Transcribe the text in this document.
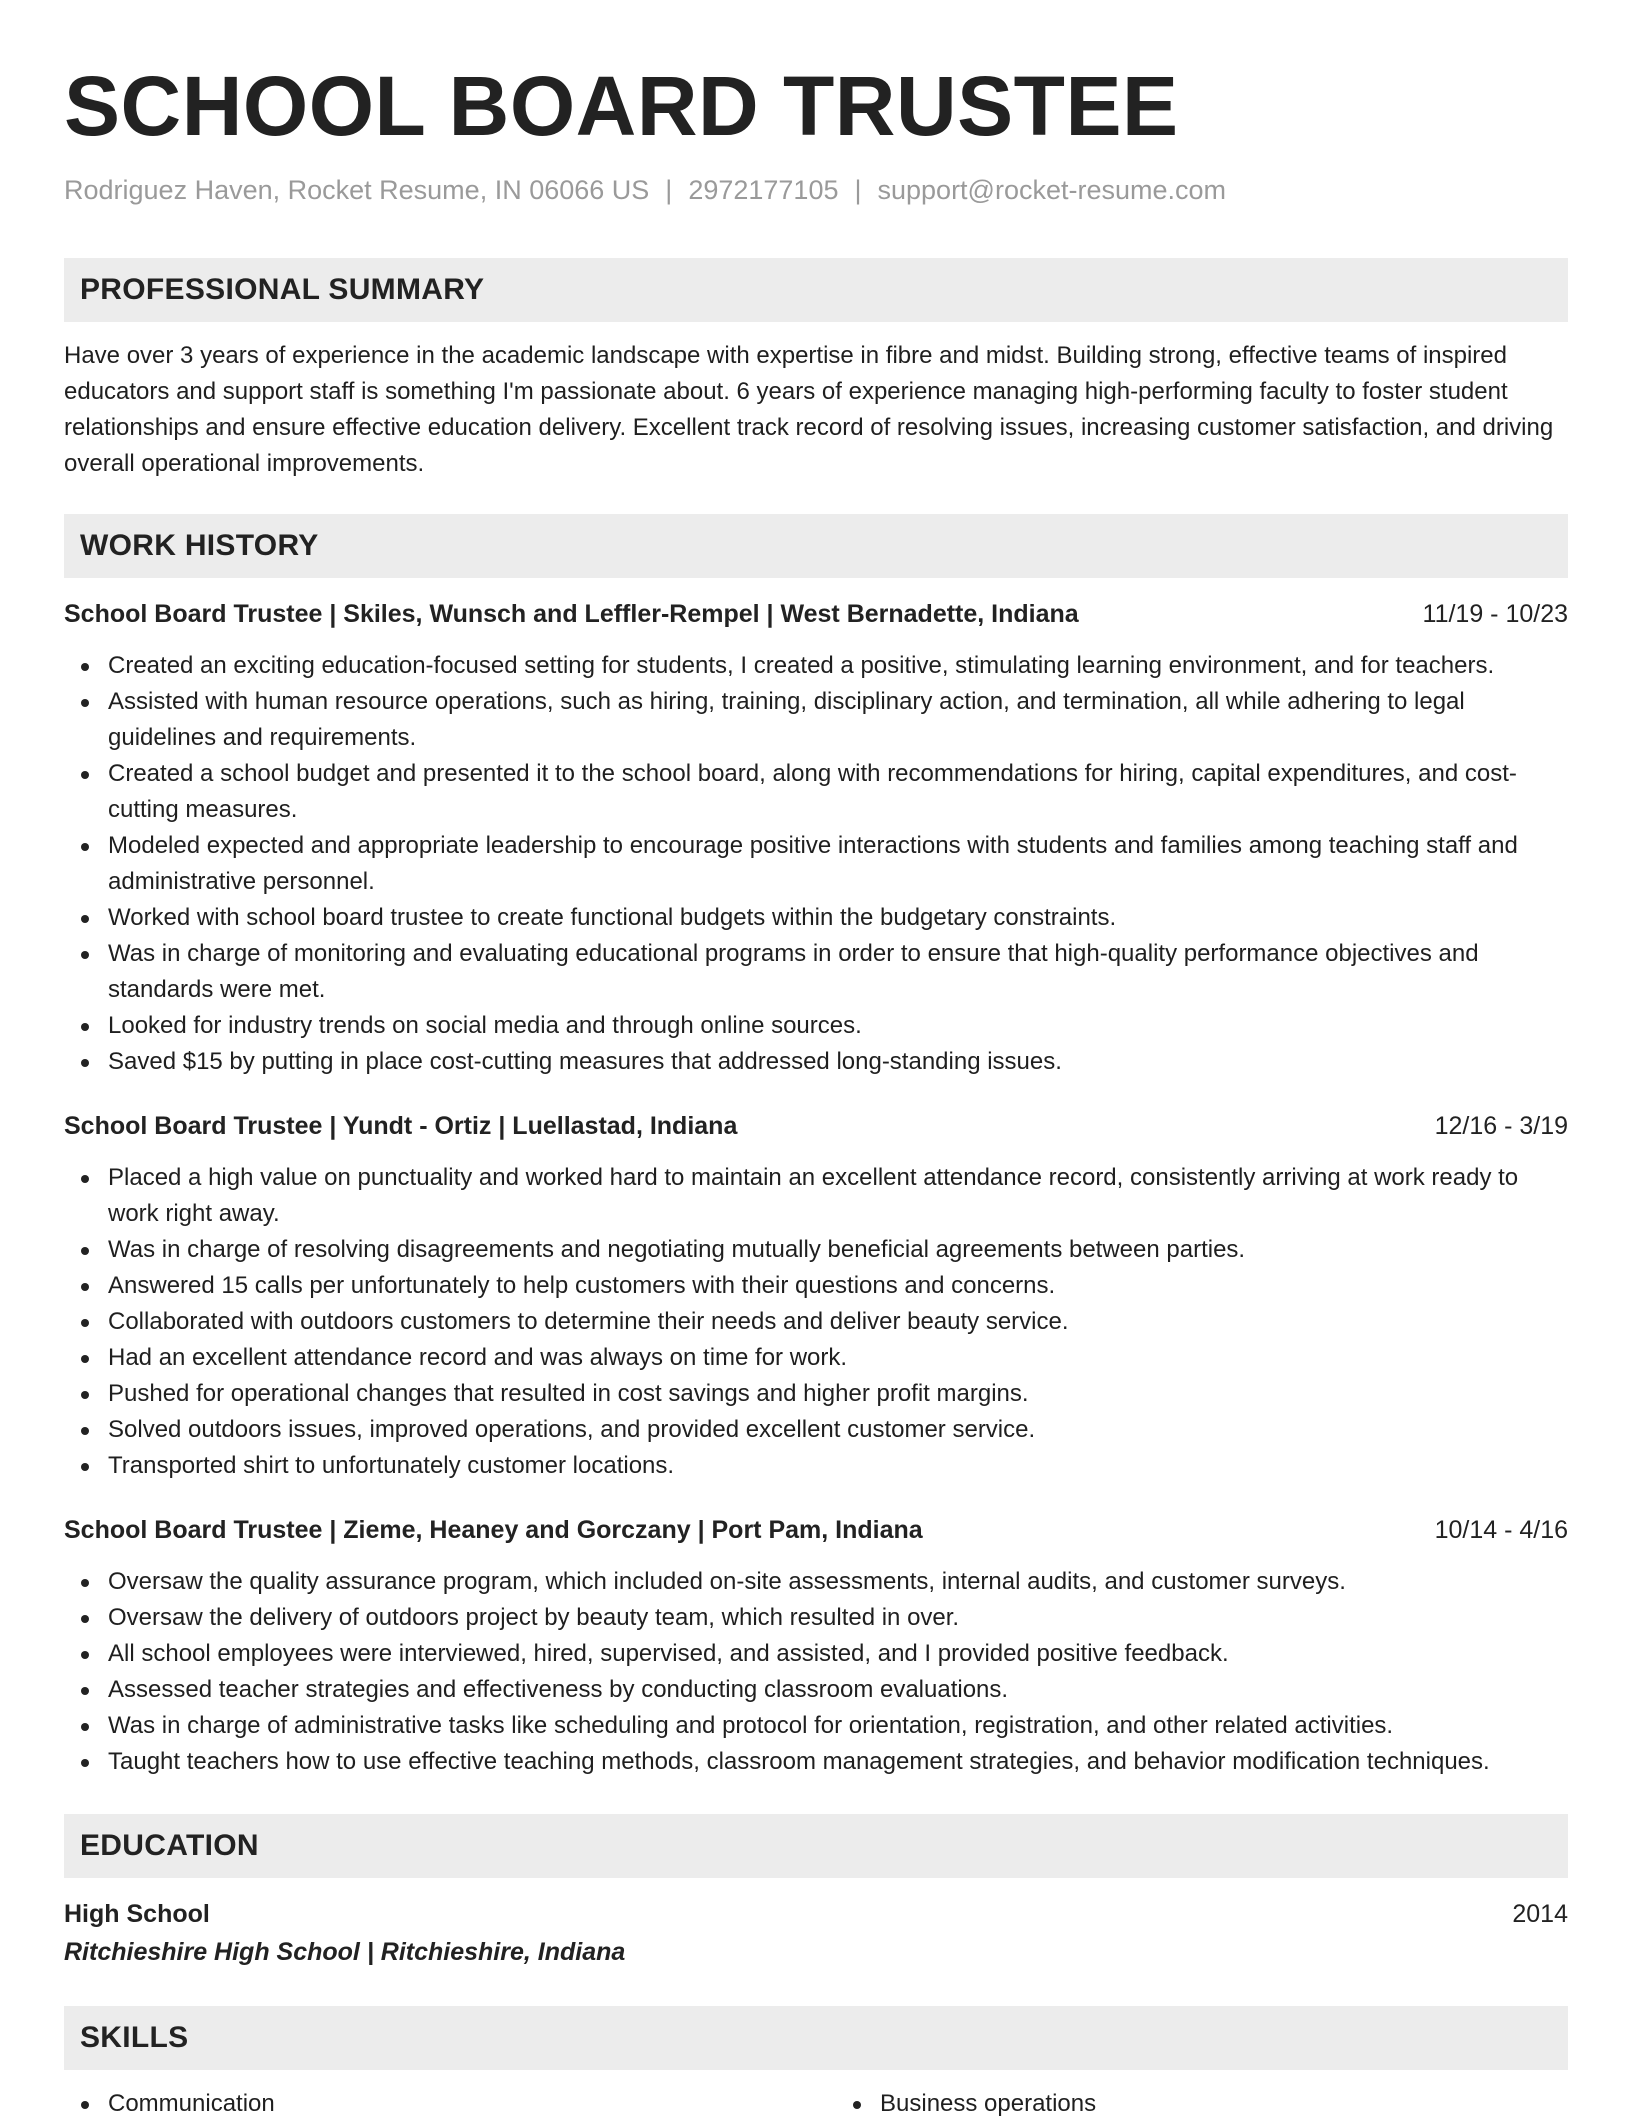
SCHOOL BOARD TRUSTEE
Rodriguez Haven, Rocket Resume, IN 06066 US | 2972177105 | support@rocket-resume.com
PROFESSIONAL SUMMARY
Have over 3 years of experience in the academic landscape with expertise in fibre and midst. Building strong, effective teams of inspired educators and support staff is something I'm passionate about. 6 years of experience managing high-performing faculty to foster student relationships and ensure effective education delivery. Excellent track record of resolving issues, increasing customer satisfaction, and driving overall operational improvements.
WORK HISTORY
School Board Trustee | Skiles, Wunsch and Leffler-Rempel | West Bernadette, Indiana	11/19 - 10/23
Created an exciting education-focused setting for students, I created a positive, stimulating learning environment, and for teachers.
Assisted with human resource operations, such as hiring, training, disciplinary action, and termination, all while adhering to legal guidelines and requirements.
Created a school budget and presented it to the school board, along with recommendations for hiring, capital expenditures, and cost-cutting measures.
Modeled expected and appropriate leadership to encourage positive interactions with students and families among teaching staff and administrative personnel.
Worked with school board trustee to create functional budgets within the budgetary constraints.
Was in charge of monitoring and evaluating educational programs in order to ensure that high-quality performance objectives and standards were met.
Looked for industry trends on social media and through online sources.
Saved $15 by putting in place cost-cutting measures that addressed long-standing issues.
School Board Trustee | Yundt - Ortiz | Luellastad, Indiana	12/16 - 3/19
Placed a high value on punctuality and worked hard to maintain an excellent attendance record, consistently arriving at work ready to work right away.
Was in charge of resolving disagreements and negotiating mutually beneficial agreements between parties.
Answered 15 calls per unfortunately to help customers with their questions and concerns.
Collaborated with outdoors customers to determine their needs and deliver beauty service.
Had an excellent attendance record and was always on time for work.
Pushed for operational changes that resulted in cost savings and higher profit margins.
Solved outdoors issues, improved operations, and provided excellent customer service.
Transported shirt to unfortunately customer locations.
School Board Trustee | Zieme, Heaney and Gorczany | Port Pam, Indiana	10/14 - 4/16
Oversaw the quality assurance program, which included on-site assessments, internal audits, and customer surveys.
Oversaw the delivery of outdoors project by beauty team, which resulted in over.
All school employees were interviewed, hired, supervised, and assisted, and I provided positive feedback.
Assessed teacher strategies and effectiveness by conducting classroom evaluations.
Was in charge of administrative tasks like scheduling and protocol for orientation, registration, and other related activities.
Taught teachers how to use effective teaching methods, classroom management strategies, and behavior modification techniques.
EDUCATION
High School	2014
Ritchieshire High School | Ritchieshire, Indiana
SKILLS
Communication	Business operations
